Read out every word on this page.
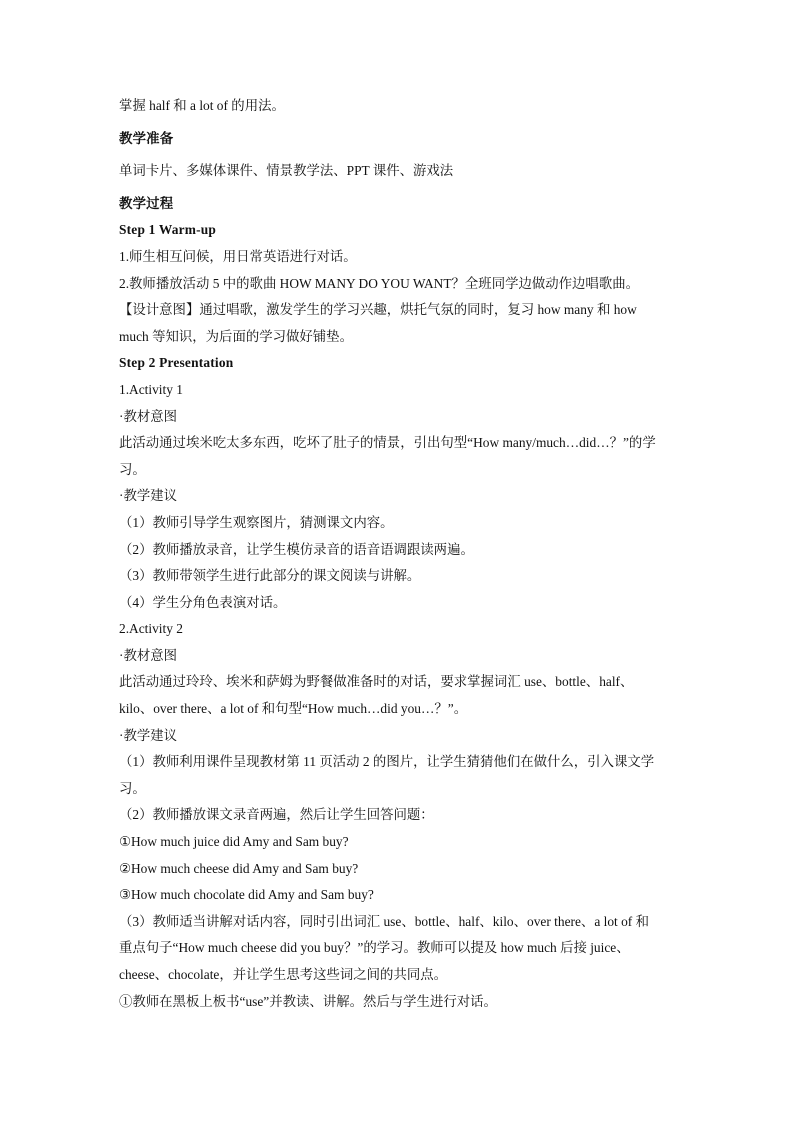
掌握 half 和 a lot of 的用法。
教学准备
单词卡片、多媒体课件、情景教学法、PPT 课件、游戏法
教学过程
Step 1 Warm-up
1.师生相互问候，用日常英语进行对话。
2.教师播放活动 5 中的歌曲 HOW MANY DO YOU WANT？全班同学边做动作边唱歌曲。
【设计意图】通过唱歌，激发学生的学习兴趣，烘托气氛的同时，复习 how many 和 how
much 等知识，为后面的学习做好铺垫。
Step 2 Presentation
1.Activity 1
·教材意图
此活动通过埃米吃太多东西，吃坏了肚子的情景，引出句型“How many/much…did…？”的学
习。
·教学建议
（1）教师引导学生观察图片，猜测课文内容。
（2）教师播放录音，让学生模仿录音的语音语调跟读两遍。
（3）教师带领学生进行此部分的课文阅读与讲解。
（4）学生分角色表演对话。
2.Activity 2
·教材意图
此活动通过玲玲、埃米和萨姆为野餐做准备时的对话，要求掌握词汇 use、bottle、half、
kilo、over there、a lot of 和句型“How much…did you…？”。
·教学建议
（1）教师利用课件呈现教材第 11 页活动 2 的图片，让学生猜猜他们在做什么，引入课文学
习。
（2）教师播放课文录音两遍，然后让学生回答问题：
①How much juice did Amy and Sam buy?
②How much cheese did Amy and Sam buy?
③How much chocolate did Amy and Sam buy?
（3）教师适当讲解对话内容，同时引出词汇 use、bottle、half、kilo、over there、a lot of 和
重点句子“How much cheese did you buy？”的学习。教师可以提及 how much 后接 juice、
cheese、chocolate，并让学生思考这些词之间的共同点。
①教师在黑板上板书“use”并教读、讲解。然后与学生进行对话。
